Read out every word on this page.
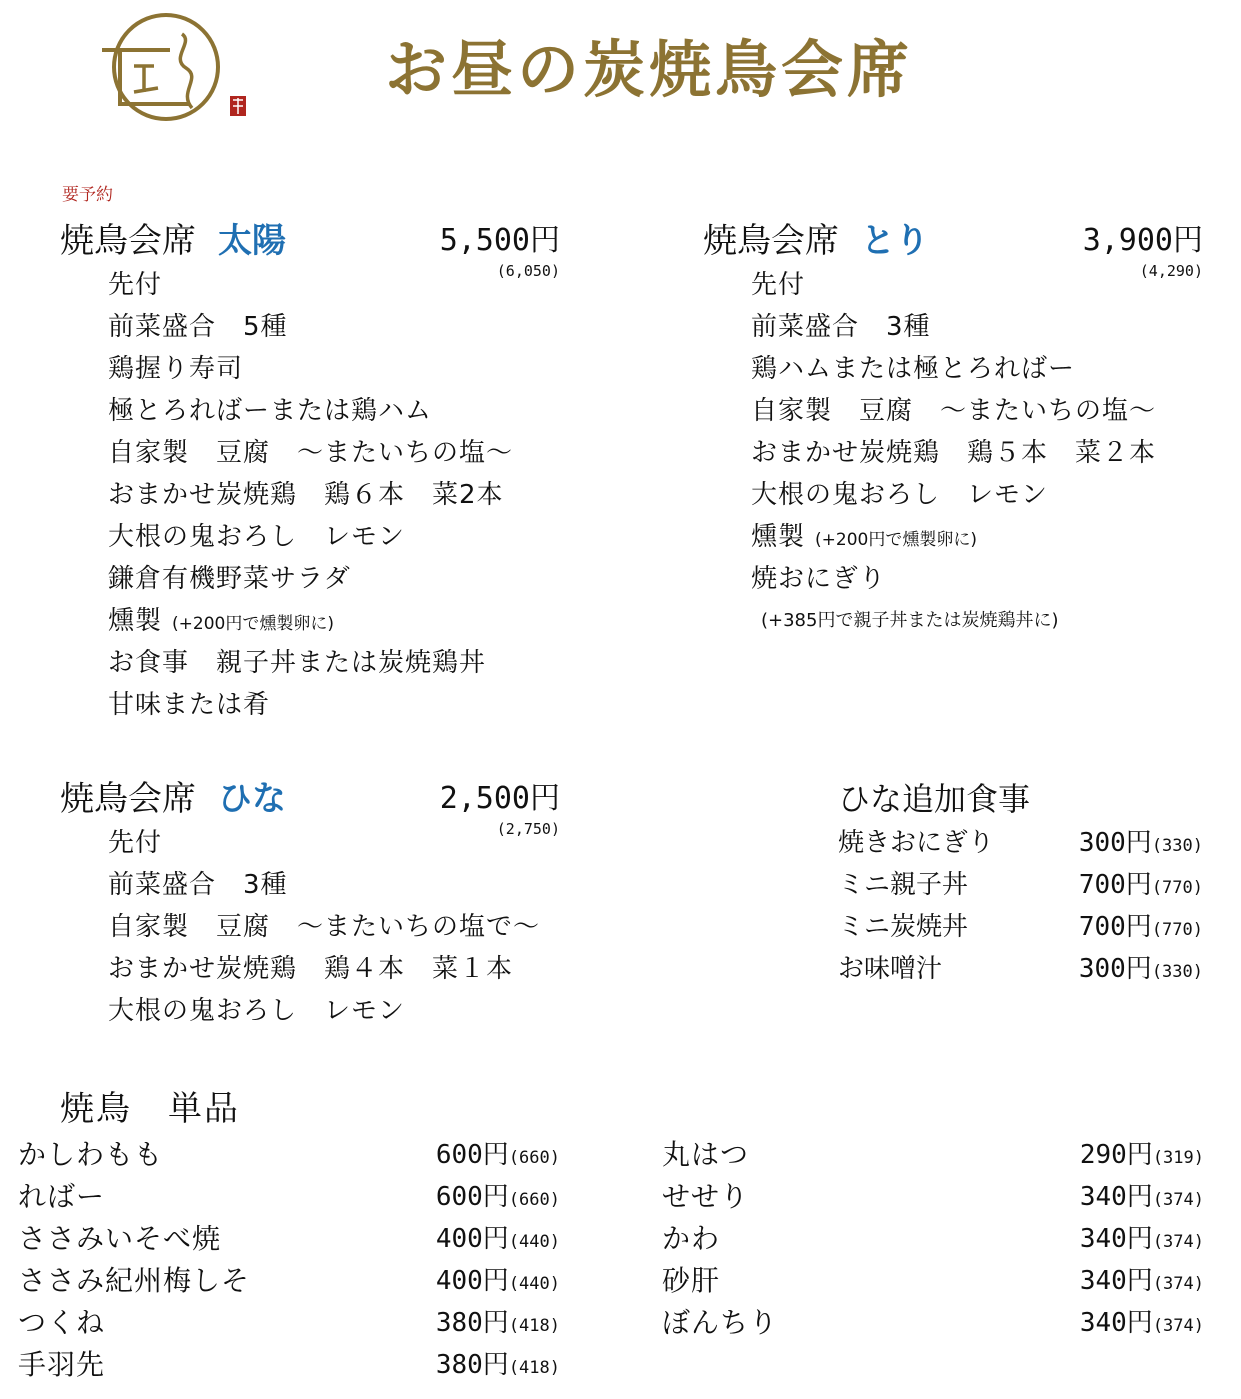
お昼の炭焼鳥会席
要予約
焼鳥会席 太陽	5,500円
(6,050)
先付
前菜盛合　5種
鶏握り寿司
極とろればーまたは鶏ハム
自家製　豆腐　～またいちの塩～
おまかせ炭焼鶏　鶏６本　菜2本
大根の鬼おろし　レモン
鎌倉有機野菜サラダ
燻製 (+200円で燻製卵に)
お食事　親子丼または炭焼鶏丼
甘味または肴
焼鳥会席 とり	3,900円
(4,290)
先付
前菜盛合　3種
鶏ハムまたは極とろればー
自家製　豆腐　～またいちの塩～
おまかせ炭焼鶏　鶏５本　菜２本
大根の鬼おろし　レモン
燻製 (+200円で燻製卵に)
焼おにぎり
(+385円で親子丼または炭焼鶏丼に)
焼鳥会席 ひな	2,500円
(2,750)
先付
前菜盛合　3種
自家製　豆腐　～またいちの塩で～
おまかせ炭焼鶏　鶏４本　菜１本
大根の鬼おろし　レモン
ひな追加食事
焼きおにぎり	300円(330)
ミニ親子丼	700円(770)
ミニ炭焼丼	700円(770)
お味噌汁	300円(330)
焼鳥　単品
かしわもも	600円(660)
ればー	600円(660)
ささみいそべ焼	400円(440)
ささみ紀州梅しそ	400円(440)
つくね	380円(418)
手羽先	380円(418)
丸はつ	290円(319)
せせり	340円(374)
かわ	340円(374)
砂肝	340円(374)
ぼんちり	340円(374)
